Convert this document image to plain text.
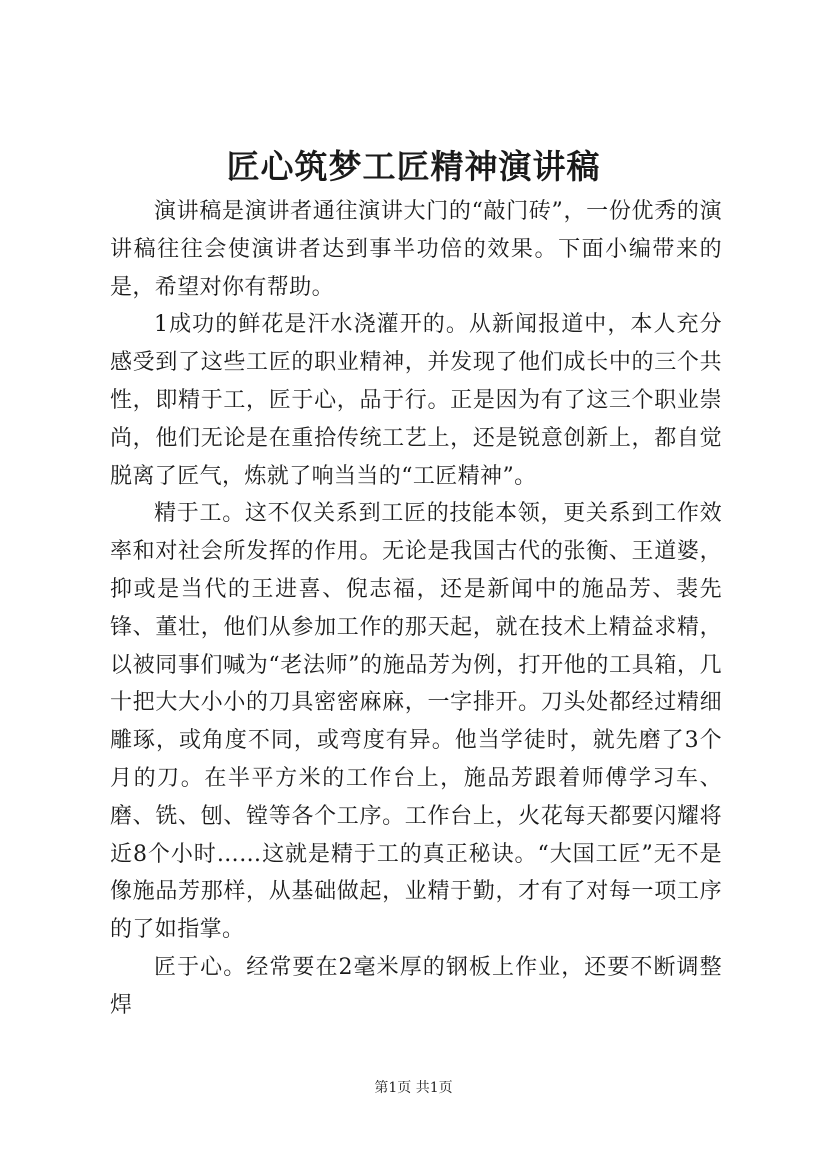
匠心筑梦工匠精神演讲稿

演讲稿是演讲者通往演讲大门的“敲门砖”，一份优秀的演讲稿往往会使演讲者达到事半功倍的效果。下面小编带来的是，希望对你有帮助。

1成功的鲜花是汗水浇灌开的。从新闻报道中，本人充分感受到了这些工匠的职业精神，并发现了他们成长中的三个共性，即精于工，匠于心，品于行。正是因为有了这三个职业崇尚，他们无论是在重拾传统工艺上，还是锐意创新上，都自觉脱离了匠气，炼就了响当当的“工匠精神”。

精于工。这不仅关系到工匠的技能本领，更关系到工作效率和对社会所发挥的作用。无论是我国古代的张衡、王道婆，抑或是当代的王进喜、倪志福，还是新闻中的施品芳、裴先锋、董壮，他们从参加工作的那天起，就在技术上精益求精，以被同事们喊为“老法师”的施品芳为例，打开他的工具箱，几十把大大小小的刀具密密麻麻，一字排开。刀头处都经过精细雕琢，或角度不同，或弯度有异。他当学徒时，就先磨了3个月的刀。在半平方米的工作台上，施品芳跟着师傅学习车、磨、铣、刨、镗等各个工序。工作台上，火花每天都要闪耀将近8个小时……这就是精于工的真正秘诀。“大国工匠”无不是像施品芳那样，从基础做起，业精于勤，才有了对每一项工序的了如指掌。

匠于心。经常要在2毫米厚的钢板上作业，还要不断调整焊

第1页 共1页
